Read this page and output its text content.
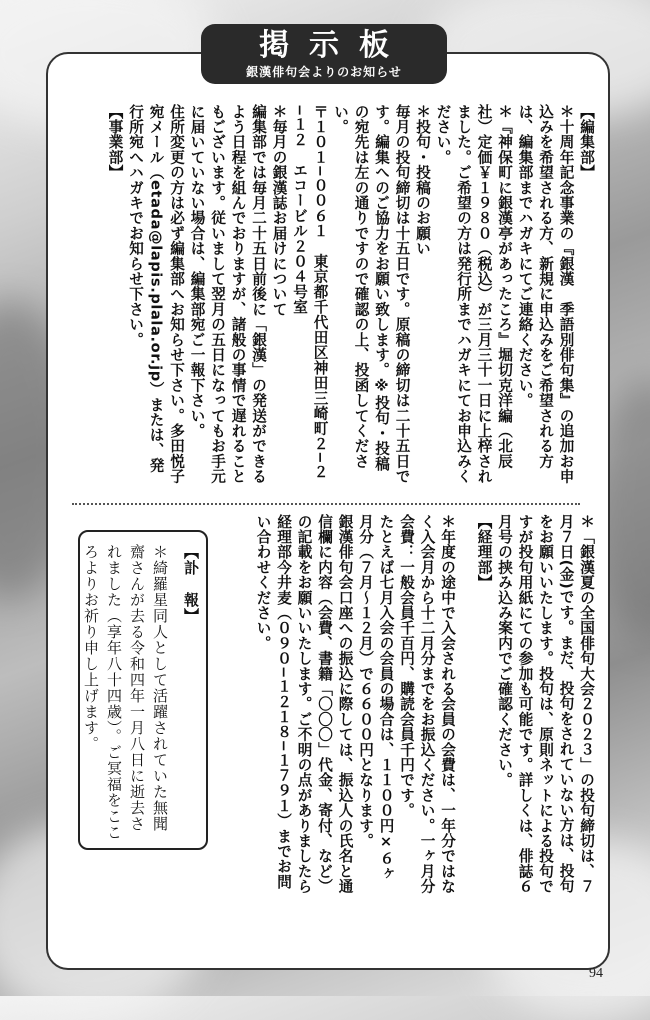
掲示板
銀漢俳句会よりのお知らせ

【編集部】

＊十周年記念事業の『銀漢　季語別俳句集』の追加お申込みを希望される方、新規に申込みをご希望される方は、編集部までハガキにてご連絡ください。

＊『神保町に銀漢亭があったころ』堀切克洋編（北辰社）定価￥１９８０（税込）が三月三十一日に上梓されました。ご希望の方は発行所までハガキにてお申込みください。

＊投句・投稿のお願い

毎月の投句締切は十五日です。原稿の締切は二十五日です。編集へのご協力をお願い致します。※投句・投稿の宛先は左の通りですので確認の上、投函してください。

〒１０１−００６１　東京都千代田区神田三崎町２−２−１２　エコービル２０４号室

＊毎月の銀漢誌お届けについて

編集部では毎月二十五日前後に「銀漢」の発送ができるよう日程を組んでおりますが、諸般の事情で遅れることもございます。従いまして翌月の五日になってもお手元に届いていない場合は、編集部宛ご一報下さい。

住所変更の方は必ず編集部へお知らせ下さい。多田悦子宛メール（etada@lapis.plala.or.jp）または、発行所宛へハガキでお知らせ下さい。

【事業部】

＊「銀漢夏の全国俳句大会２０２３」の投句締切は、７月７日(金)です。まだ、投句をされていない方は、投句をお願いいたします。投句は、原則ネットによる投句ですが投句用紙にての参加も可能です。詳しくは、俳誌６月号の挟み込み案内でご確認ください。

【経理部】

＊年度の途中で入会される会員の会費は、一年分ではなく入会月から十二月分までをお振込ください。一ヶ月分会費：一般会員千百円、購読会員千円です。

たとえば七月入会の会員の場合は、１１００円×６ヶ月分（７月〜１２月）で６６００円となります。

銀漢俳句会口座への振込に際しては、振込人の氏名と通信欄に内容（会費、書籍「〇〇〇」代金、寄付、など）の記載をお願いいたします。ご不明の点がありましたら経理部今井麦（０９０−１２１８−１７９１）までお問い合わせください。

【訃　報】

＊綺羅星同人として活躍されていた無聞齋さんが去る令和四年一月八日に逝去されました（享年八十四歳）。ご冥福をこころよりお祈り申し上げます。

94
